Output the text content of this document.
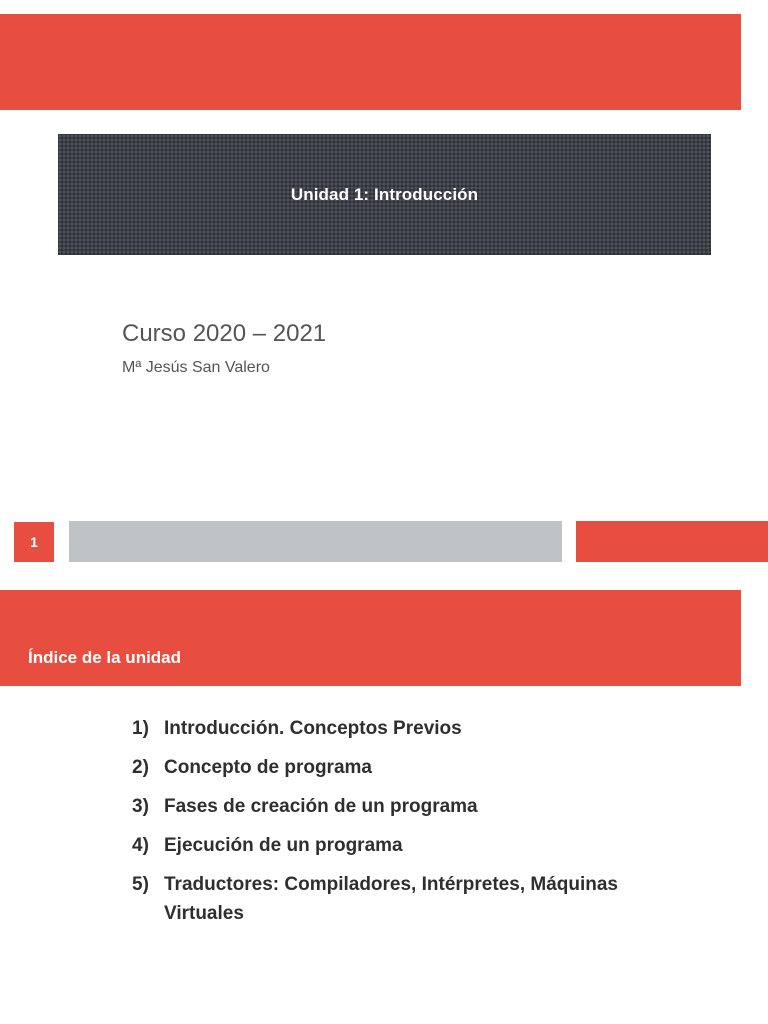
Unidad 1: Introducción
Curso 2020 – 2021
Mª Jesús San Valero
1
Índice de la unidad
1) Introducción. Conceptos Previos
2) Concepto de programa
3) Fases de creación de un programa
4) Ejecución de un programa
5) Traductores: Compiladores, Intérpretes, Máquinas Virtuales
